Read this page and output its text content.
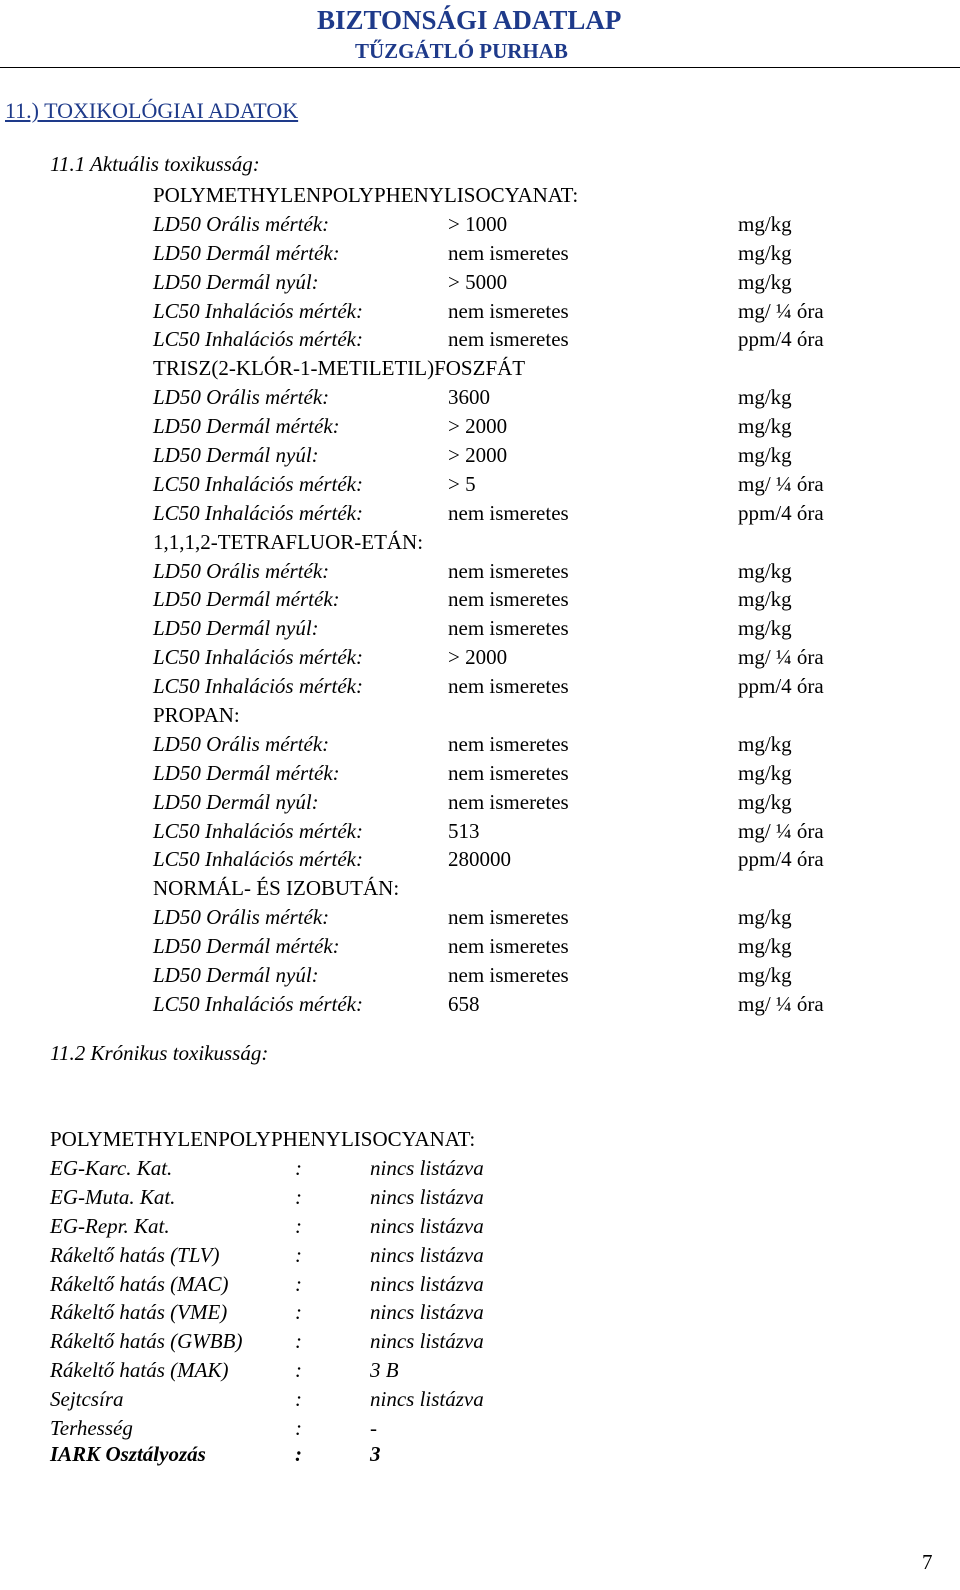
BIZTONSÁGI ADATLAP
TŰZGÁTLÓ PURHAB
11.) TOXIKOLÓGIAI ADATOK
11.1 Aktuális toxikusság:
POLYMETHYLENPOLYPHENYLISOCYANAT:
LD50 Orális mérték:	> 1000	mg/kg
LD50 Dermál mérték:	nem ismeretes	mg/kg
LD50 Dermál nyúl:	> 5000	mg/kg
LC50 Inhalációs mérték:	nem ismeretes	mg/ ¼ óra
LC50 Inhalációs mérték:	nem ismeretes	ppm/4 óra
TRISZ(2-KLÓR-1-METILETIL)FOSZFÁT
LD50 Orális mérték:	3600	mg/kg
LD50 Dermál mérték:	> 2000	mg/kg
LD50 Dermál nyúl:	> 2000	mg/kg
LC50 Inhalációs mérték:	> 5	mg/ ¼ óra
LC50 Inhalációs mérték:	nem ismeretes	ppm/4 óra
1,1,1,2-TETRAFLUOR-ETÁN:
LD50 Orális mérték:	nem ismeretes	mg/kg
LD50 Dermál mérték:	nem ismeretes	mg/kg
LD50 Dermál nyúl:	nem ismeretes	mg/kg
LC50 Inhalációs mérték:	> 2000	mg/ ¼ óra
LC50 Inhalációs mérték:	nem ismeretes	ppm/4 óra
PROPAN:
LD50 Orális mérték:	nem ismeretes	mg/kg
LD50 Dermál mérték:	nem ismeretes	mg/kg
LD50 Dermál nyúl:	nem ismeretes	mg/kg
LC50 Inhalációs mérték:	513	mg/ ¼ óra
LC50 Inhalációs mérték:	280000	ppm/4 óra
NORMÁL- ÉS IZOBUTÁN:
LD50 Orális mérték:	nem ismeretes	mg/kg
LD50 Dermál mérték:	nem ismeretes	mg/kg
LD50 Dermál nyúl:	nem ismeretes	mg/kg
LC50 Inhalációs mérték:	658	mg/ ¼ óra
11.2 Krónikus toxikusság:
POLYMETHYLENPOLYPHENYLISOCYANAT:
EG-Karc. Kat.	:	nincs listázva
EG-Muta. Kat.	:	nincs listázva
EG-Repr. Kat.	:	nincs listázva
Rákeltő hatás (TLV)	:	nincs listázva
Rákeltő hatás (MAC)	:	nincs listázva
Rákeltő hatás (VME)	:	nincs listázva
Rákeltő hatás (GWBB)	:	nincs listázva
Rákeltő hatás (MAK)	:	3 B
Sejtcsíra	:	nincs listázva
Terhesség	:	-
IARK Osztályozás	:	3
7
